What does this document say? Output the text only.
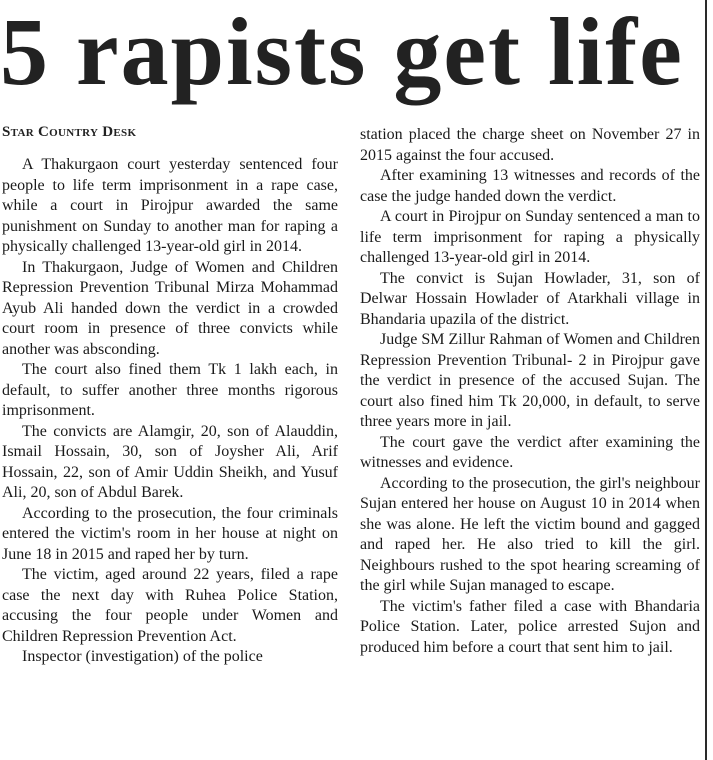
5 rapists get life
Star Country Desk

A Thakurgaon court yesterday sentenced four people to life term imprisonment in a rape case, while a court in Pirojpur awarded the same punishment on Sunday to another man for raping a physically challenged 13-year-old girl in 2014.

In Thakurgaon, Judge of Women and Children Repression Prevention Tribunal Mirza Mohammad Ayub Ali handed down the verdict in a crowded court room in presence of three convicts while another was absconding.

The court also fined them Tk 1 lakh each, in default, to suffer another three months rigorous imprisonment.

The convicts are Alamgir, 20, son of Alauddin, Ismail Hossain, 30, son of Joysher Ali, Arif Hossain, 22, son of Amir Uddin Sheikh, and Yusuf Ali, 20, son of Abdul Barek.

According to the prosecution, the four criminals entered the victim's room in her house at night on June 18 in 2015 and raped her by turn.

The victim, aged around 22 years, filed a rape case the next day with Ruhea Police Station, accusing the four people under Women and Children Repression Prevention Act.

Inspector (investigation) of the police

station placed the charge sheet on November 27 in 2015 against the four accused.

After examining 13 witnesses and records of the case the judge handed down the verdict.

A court in Pirojpur on Sunday sentenced a man to life term imprisonment for raping a physically challenged 13-year-old girl in 2014.

The convict is Sujan Howlader, 31, son of Delwar Hossain Howlader of Atarkhali village in Bhandaria upazila of the district.

Judge SM Zillur Rahman of Women and Children Repression Prevention Tribunal- 2 in Pirojpur gave the verdict in presence of the accused Sujan. The court also fined him Tk 20,000, in default, to serve three years more in jail.

The court gave the verdict after examining the witnesses and evidence.

According to the prosecution, the girl's neighbour Sujan entered her house on August 10 in 2014 when she was alone. He left the victim bound and gagged and raped her. He also tried to kill the girl. Neighbours rushed to the spot hearing screaming of the girl while Sujan managed to escape.

The victim's father filed a case with Bhandaria Police Station. Later, police arrested Sujon and produced him before a court that sent him to jail.
